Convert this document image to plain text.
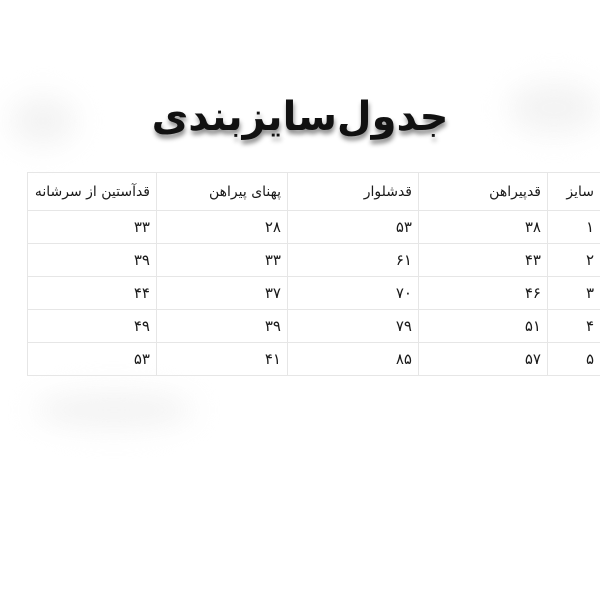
جدول‌سایزبندی
سایز	قدپیراهن	قدشلوار	پهنای پیراهن	قدآستین از سرشانه
۱	۳۸	۵۳	۲۸	۳۳
۲	۴۳	۶۱	۳۳	۳۹
۳	۴۶	۷۰	۳۷	۴۴
۴	۵۱	۷۹	۳۹	۴۹
۵	۵۷	۸۵	۴۱	۵۳
